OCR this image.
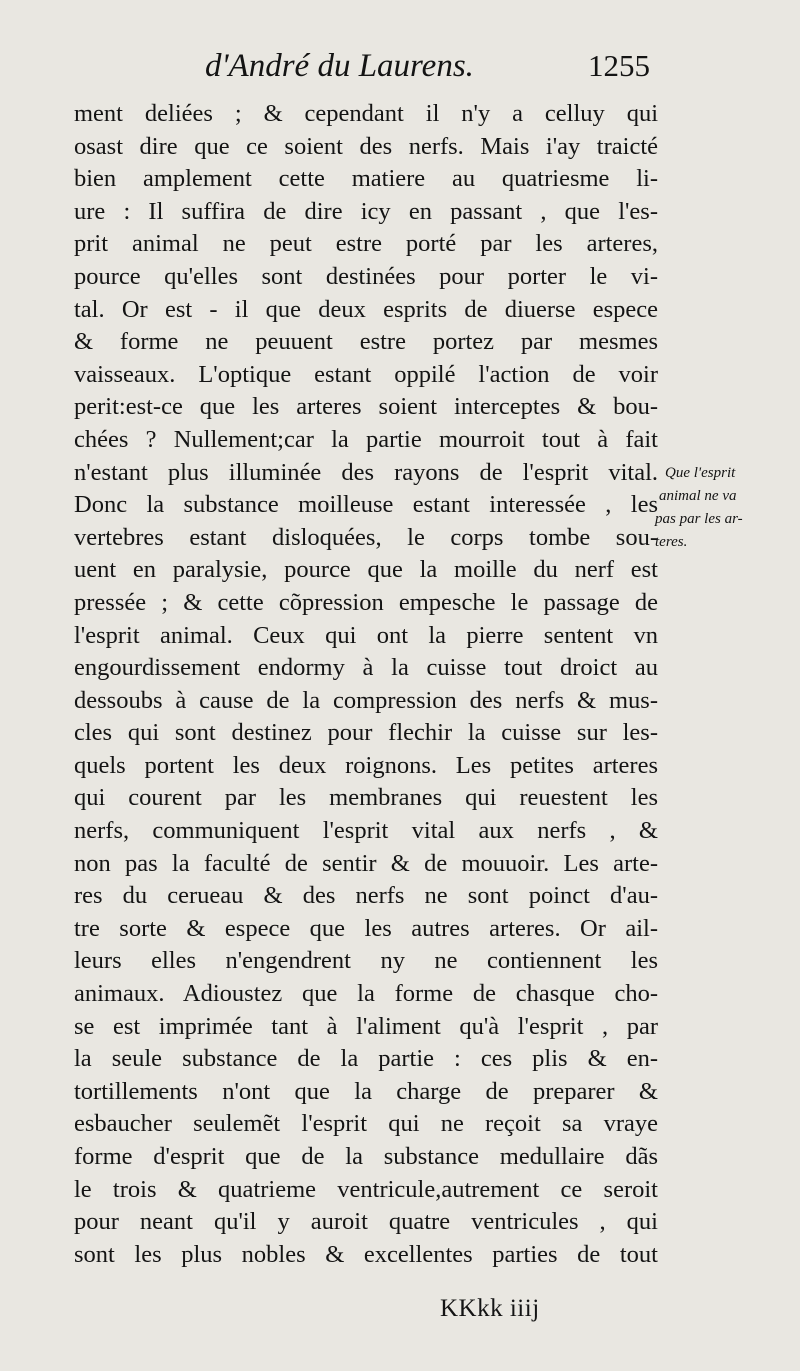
d'André du Laurens.	1255
ment deliées ; & cependant il n'y a celluy qui
osast dire que ce soient des nerfs. Mais i'ay traicté
bien amplement cette matiere au quatriesme li-
ure : Il suffira de dire icy en passant , que l'es-
prit animal ne peut estre porté par les arteres,
pource qu'elles sont destinées pour porter le vi-
tal. Or est - il que deux esprits de diuerse espece
& forme ne peuuent estre portez par mesmes
vaisseaux. L'optique estant oppilé l'action de voir
perit:est-ce que les arteres soient interceptes & bou-
chées ? Nullement;car la partie mourroit tout à fait
n'estant plus illuminée des rayons de l'esprit vital.
Donc la substance moilleuse estant interessée , les
vertebres estant disloquées, le corps tombe sou-
uent en paralysie, pource que la moille du nerf est
pressée ; & cette cõpression empesche le passage de
l'esprit animal. Ceux qui ont la pierre sentent vn
engourdissement endormy à la cuisse tout droict au
dessoubs à cause de la compression des nerfs & mus-
cles qui sont destinez pour flechir la cuisse sur les-
quels portent les deux roignons. Les petites arteres
qui courent par les membranes qui reuestent les
nerfs, communiquent l'esprit vital aux nerfs , &
non pas la faculté de sentir & de mouuoir. Les arte-
res du cerueau & des nerfs ne sont poinct d'au-
tre sorte & espece que les autres arteres. Or ail-
leurs elles n'engendrent ny ne contiennent les
animaux. Adioustez que la forme de chasque cho-
se est imprimée tant à l'aliment qu'à l'esprit , par
la seule substance de la partie : ces plis & en-
tortillements n'ont que la charge de preparer &
esbaucher seulemẽt l'esprit qui ne reçoit sa vraye
forme d'esprit que de la substance medullaire dãs
le trois & quatrieme ventricule,autrement ce seroit
pour neant qu'il y auroit quatre ventricules , qui
sont les plus nobles & excellentes parties de tout
Que l'esprit
animal ne va
pas par les ar-
teres.
KKkk iiij
